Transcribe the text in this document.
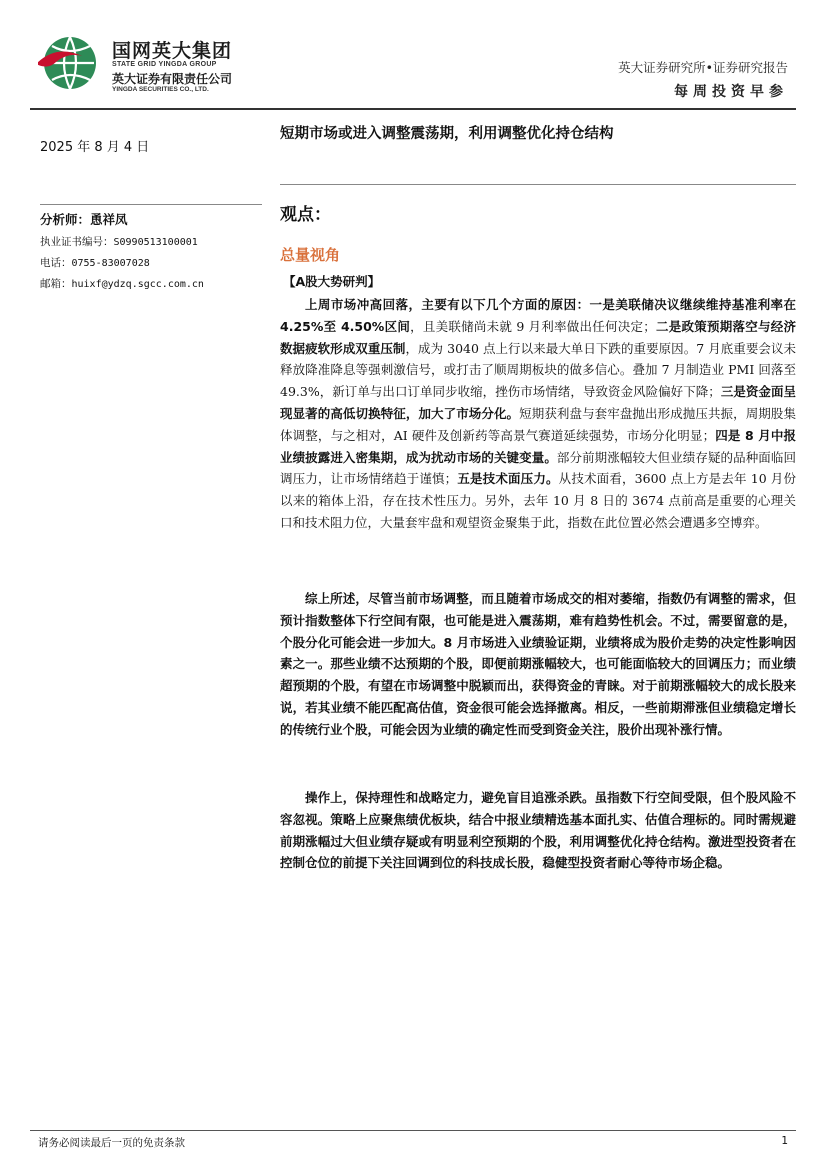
国网英大集团
STATE GRID YINGDA GROUP
英大证券有限责任公司
YINGDA SECURITIES CO., LTD.
英大证券研究所•证券研究报告
每周投资早参
2025 年 8 月 4 日
短期市场或进入调整震荡期，利用调整优化持仓结构
分析师：恿祥凤
执业证书编号：S0990513100001
电话：0755-83007028
邮箱：huixf@ydzq.sgcc.com.cn
观点：
总量视角
【A股大势研判】

上周市场冲高回落，主要有以下几个方面的原因：一是美联储决议继续维持基准利率在 4.25%至 4.50%区间，且美联储尚未就 9 月利率做出任何决定；二是政策预期落空与经济数据疲软形成双重压制，成为 3040 点上行以来最大单日下跌的重要原因。7 月底重要会议未释放降准降息等强刺激信号，或打击了顺周期板块的做多信心。叠加 7 月制造业 PMI 回落至 49.3%，新订单与出口订单同步收缩，挫伤市场情绪，导致资金风险偏好下降；三是资金面呈现显著的高低切换特征，加大了市场分化。短期获利盘与套牢盘抛出形成抛压共振，周期股集体调整，与之相对，AI 硬件及创新药等高景气赛道延续强势，市场分化明显；四是 8 月中报业绩披露进入密集期，成为扰动市场的关键变量。部分前期涨幅较大但业绩存疑的品种面临回调压力，让市场情绪趋于谨慎；五是技术面压力。从技术面看，3600 点上方是去年 10 月份以来的箱体上沿，存在技术性压力。另外，去年 10 月 8 日的 3674 点前高是重要的心理关口和技术阻力位，大量套牢盘和观望资金聚集于此，指数在此位置必然会遭遇多空博弈。

综上所述，尽管当前市场调整，而且随着市场成交的相对萎缩，指数仍有调整的需求，但预计指数整体下行空间有限，也可能是进入震荡期，难有趋势性机会。不过，需要留意的是，个股分化可能会进一步加大。8 月市场进入业绩验证期，业绩将成为股价走势的决定性影响因素之一。那些业绩不达预期的个股，即便前期涨幅较大，也可能面临较大的回调压力；而业绩超预期的个股，有望在市场调整中脱颖而出，获得资金的青睐。对于前期涨幅较大的成长股来说，若其业绩不能匹配高估值，资金很可能会选择撤离。相反，一些前期滞涨但业绩稳定增长的传统行业个股，可能会因为业绩的确定性而受到资金关注，股价出现补涨行情。

操作上，保持理性和战略定力，避免盲目追涨杀跌。虽指数下行空间受限，但个股风险不容忽视。策略上应聚焦绩优板块，结合中报业绩精选基本面扎实、估值合理标的。同时需规避前期涨幅过大但业绩存疑或有明显利空预期的个股，利用调整优化持仓结构。激进型投资者在控制仓位的前提下关注回调到位的科技成长股，稳健型投资者耐心等待市场企稳。

请务必阅读最后一页的免责条款	1
